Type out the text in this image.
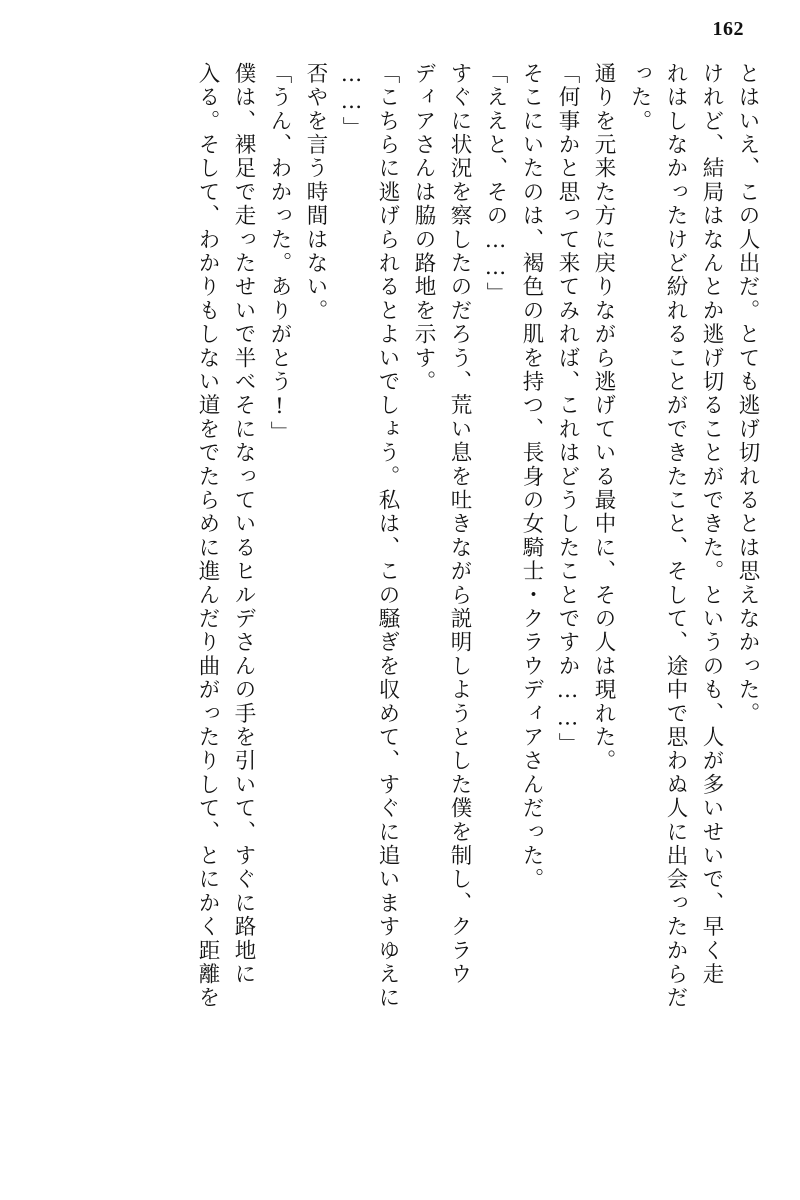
162
とはいえ、この人出だ。とても逃げ切れるとは思えなかった。
けれど、結局はなんとか逃げ切ることができた。というのも、人が多いせいで、早く走
れはしなかったけど紛れることができたこと、そして、途中で思わぬ人に出会ったからだ
った。
通りを元来た方に戻りながら逃げている最中に、その人は現れた。
「何事かと思って来てみれば、これはどうしたことですか……」
そこにいたのは、褐色の肌を持つ、長身の女騎士・クラウディアさんだった。
「ええと、その……」
すぐに状況を察したのだろう、荒い息を吐きながら説明しようとした僕を制し、クラウ
ディアさんは脇の路地を示す。
「こちらに逃げられるとよいでしょう。私は、この騒ぎを収めて、すぐに追いますゆえに
……」
否やを言う時間はない。
「うん、わかった。ありがとう!」
僕は、裸足で走ったせいで半べそになっているヒルデさんの手を引いて、すぐに路地に
入る。そして、わかりもしない道をでたらめに進んだり曲がったりして、とにかく距離を
